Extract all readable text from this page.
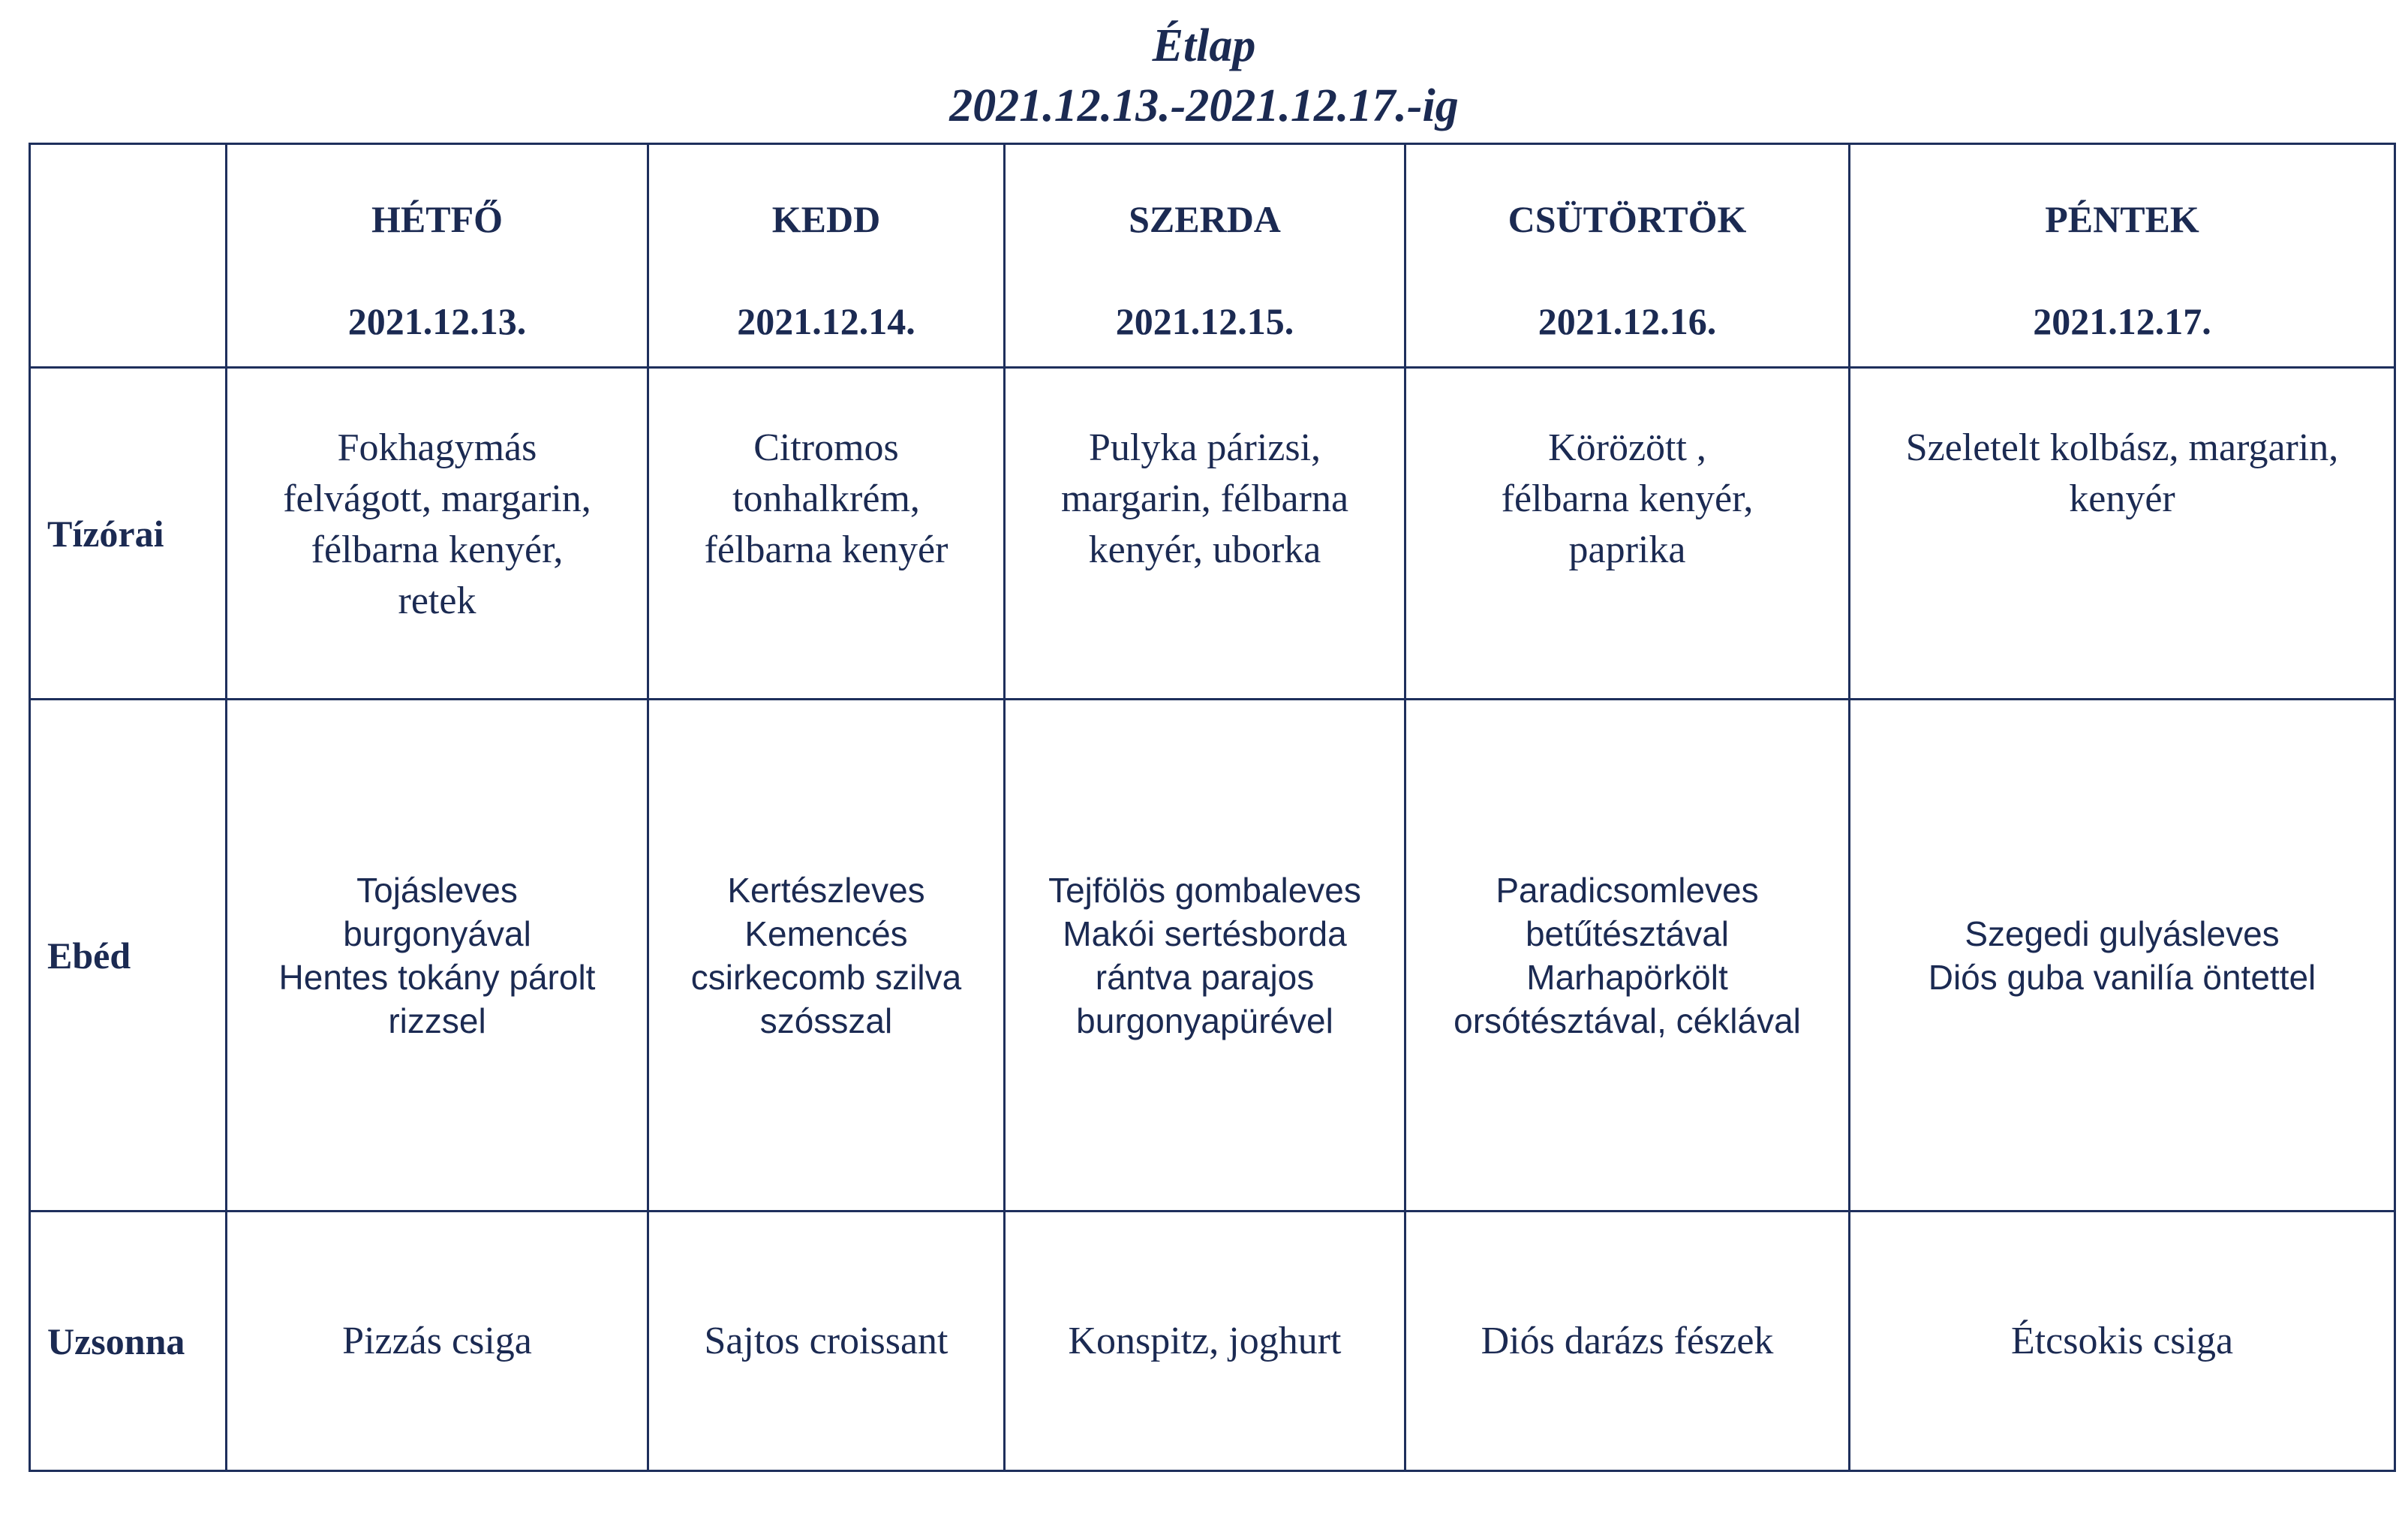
Étlap
2021.12.13.-2021.12.17.-ig

	HÉTFŐ
2021.12.13.	KEDD
2021.12.14.	SZERDA
2021.12.15.	CSÜTÖRTÖK
2021.12.16.	PÉNTEK
2021.12.17.

Tízórai	Fokhagymás
felvágott, margarin,
félbarna kenyér,
retek	Citromos
tonhalkrém,
félbarna kenyér	Pulyka párizsi,
margarin, félbarna
kenyér, uborka	Körözött ,
félbarna kenyér,
paprika	Szeletelt kolbász, margarin,
kenyér

Ebéd	Tojásleves
burgonyával
Hentes tokány párolt
rizzsel	Kertészleves
Kemencés
csirkecomb szilva
szósszal	Tejfölös gombaleves
Makói sertésborda
rántva parajos
burgonyapürével	Paradicsomleves
betűtésztával
Marhapörkölt
orsótésztával, céklával	Szegedi gulyásleves
Diós guba vanilía öntettel

Uzsonna	Pizzás csiga	Sajtos croissant	Konspitz, joghurt	Diós darázs fészek	Étcsokis csiga
